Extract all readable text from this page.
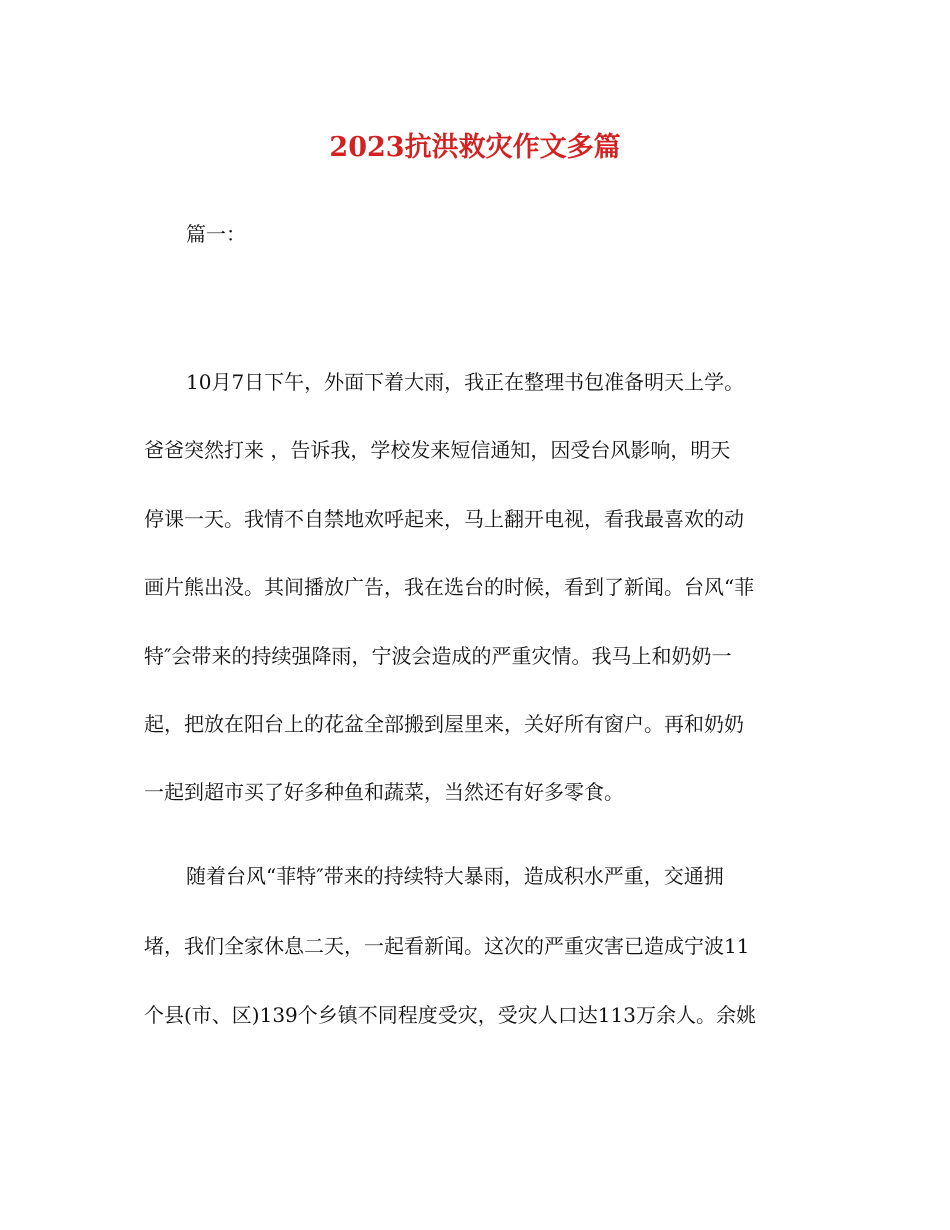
2023抗洪救灾作文多篇

篇一：

10月7日下午，外面下着大雨，我正在整理书包准备明天上学。

爸爸突然打来 ，告诉我，学校发来短信通知，因受台风影响，明天

停课一天。我情不自禁地欢呼起来，马上翻开电视，看我最喜欢的动

画片熊出没。其间播放广告，我在选台的时候，看到了新闻。台风“菲

特″会带来的持续强降雨，宁波会造成的严重灾情。我马上和奶奶一

起，把放在阳台上的花盆全部搬到屋里来，关好所有窗户。再和奶奶

一起到超市买了好多种鱼和蔬菜，当然还有好多零食。

随着台风“菲特″带来的持续特大暴雨，造成积水严重，交通拥

堵，我们全家休息二天，一起看新闻。这次的严重灾害已造成宁波11

个县(市、区)139个乡镇不同程度受灾，受灾人口达113万余人。余姚
